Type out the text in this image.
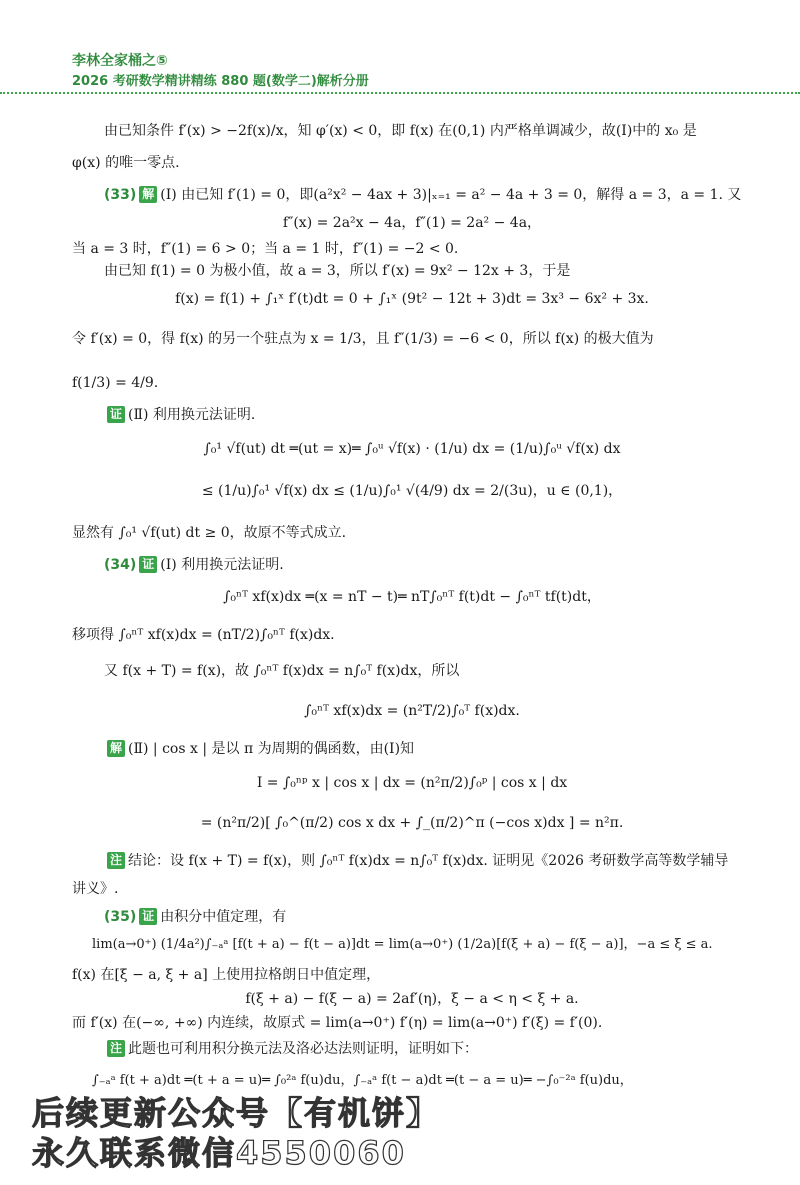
李林全家桶之⑤
2026 考研数学精讲精练 880 题(数学二)解析分册
由已知条件 f′(x) > −2f(x)/x，知 φ′(x) < 0，即 f(x) 在(0,1) 内严格单调减少，故(Ⅰ)中的 x₀ 是
φ(x) 的唯一零点.
(33) 解 (Ⅰ) 由已知 f′(1) = 0，即(a²x² − 4ax + 3)|ₓ₌₁ = a² − 4a + 3 = 0，解得 a = 3，a = 1. 又
f″(x) = 2a²x − 4a，f″(1) = 2a² − 4a，
当 a = 3 时，f″(1) = 6 > 0；当 a = 1 时，f″(1) = −2 < 0.
由已知 f(1) = 0 为极小值，故 a = 3，所以 f′(x) = 9x² − 12x + 3，于是
f(x) = f(1) + ∫₁ˣ f′(t)dt = 0 + ∫₁ˣ (9t² − 12t + 3)dt = 3x³ − 6x² + 3x.
令 f′(x) = 0，得 f(x) 的另一个驻点为 x = 1/3，且 f″(1/3) = −6 < 0，所以 f(x) 的极大值为
f(1/3) = 4/9.
证 (Ⅱ) 利用换元法证明.
∫₀¹ √f(ut) dt ═(ut = x)═ ∫₀ᵘ √f(x) · (1/u) dx = (1/u)∫₀ᵘ √f(x) dx
≤ (1/u)∫₀¹ √f(x) dx ≤ (1/u)∫₀¹ √(4/9) dx = 2/(3u)，u ∈ (0,1)，
显然有 ∫₀¹ √f(ut) dt ≥ 0，故原不等式成立.
(34) 证 (Ⅰ) 利用换元法证明.
∫₀ⁿᵀ xf(x)dx ═(x = nT − t)═ nT∫₀ⁿᵀ f(t)dt − ∫₀ⁿᵀ tf(t)dt，
移项得 ∫₀ⁿᵀ xf(x)dx = (nT/2)∫₀ⁿᵀ f(x)dx.
又 f(x + T) = f(x)，故 ∫₀ⁿᵀ f(x)dx = n∫₀ᵀ f(x)dx，所以
∫₀ⁿᵀ xf(x)dx = (n²T/2)∫₀ᵀ f(x)dx.
解 (Ⅱ) | cos x | 是以 π 为周期的偶函数，由(Ⅰ)知
I = ∫₀ⁿᵖ x | cos x | dx = (n²π/2)∫₀ᵖ | cos x | dx
= (n²π/2)[ ∫₀^(π/2) cos x dx + ∫_(π/2)^π (−cos x)dx ] = n²π.
注 结论：设 f(x + T) = f(x)，则 ∫₀ⁿᵀ f(x)dx = n∫₀ᵀ f(x)dx. 证明见《2026 考研数学高等数学辅导
讲义》.
(35) 证 由积分中值定理，有
lim(a→0⁺) (1/4a²)∫₋ₐᵃ [f(t + a) − f(t − a)]dt = lim(a→0⁺) (1/2a)[f(ξ + a) − f(ξ − a)]，−a ≤ ξ ≤ a.
f(x) 在[ξ − a, ξ + a] 上使用拉格朗日中值定理，
f(ξ + a) − f(ξ − a) = 2af′(η)，ξ − a < η < ξ + a.
而 f′(x) 在(−∞, +∞) 内连续，故原式 = lim(a→0⁺) f′(η) = lim(a→0⁺) f′(ξ) = f′(0).
注 此题也可利用积分换元法及洛必达法则证明，证明如下：
∫₋ₐᵃ f(t + a)dt ═(t + a = u)═ ∫₀²ᵃ f(u)du，∫₋ₐᵃ f(t − a)dt ═(t − a = u)═ −∫₀⁻²ᵃ f(u)du，
后续更新公众号【有机饼】
永久联系微信4550060
